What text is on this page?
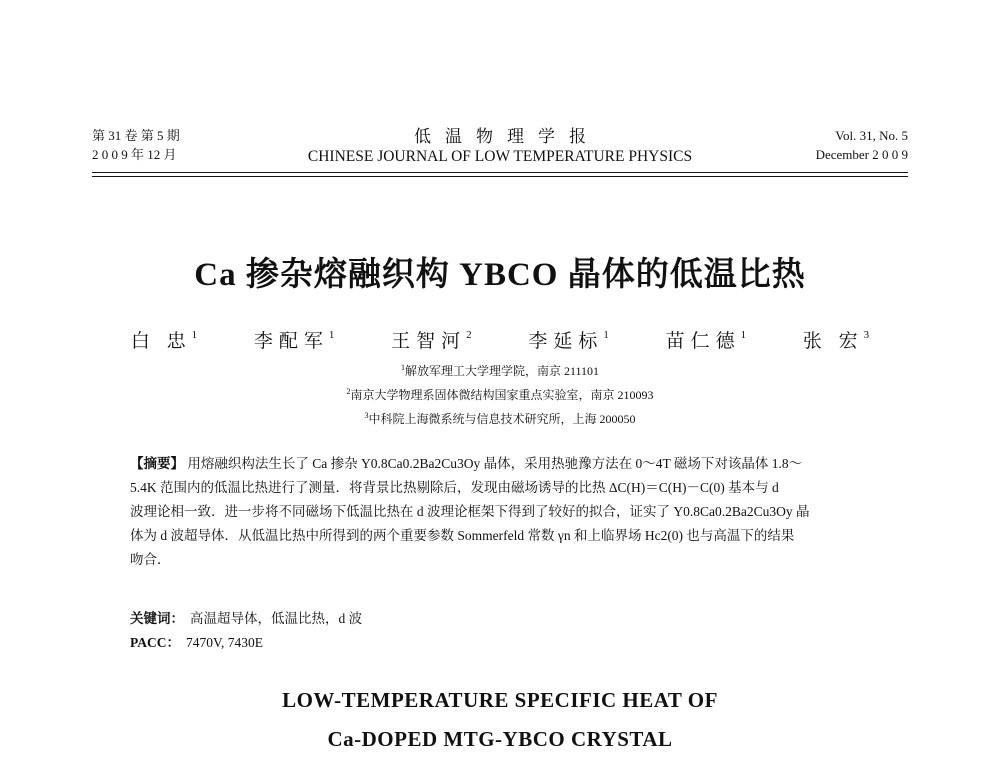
第 31 卷 第 5 期
2 0 0 9 年 12 月
低温物理学报
CHINESE JOURNAL OF LOW TEMPERATURE PHYSICS
Vol. 31, No. 5
December 2 0 0 9
Ca 掺杂熔融织构 YBCO 晶体的低温比热
白 忠$^1$	李配军$^1$	王智河$^2$	李延标$^1$	苗仁德$^1$	张 宏$^3$
$^1$解放军理工大学理学院，南京 211101
$^2$南京大学物理系固体微结构国家重点实验室，南京 210093
$^3$中科院上海微系统与信息技术研究所，上海 200050
【摘要】 用熔融织构法生长了 Ca 掺杂 Y0.8Ca0.2Ba2Cu3Oy 晶体，采用热驰豫方法在 0～4T 磁场下对该晶体 1.8～
5.4K 范围内的低温比热进行了测量．将背景比热剔除后，发现由磁场诱导的比热 ΔC(H)＝C(H)－C(0) 基本与 d
波理论相一致．进一步将不同磁场下低温比热在 d 波理论框架下得到了较好的拟合，证实了 Y0.8Ca0.2Ba2Cu3Oy 晶
体为 d 波超导体．从低温比热中所得到的两个重要参数 Sommerfeld 常数 γn 和上临界场 Hc2(0) 也与高温下的结果
吻合．
关键词： 高温超导体，低温比热，d 波
PACC： 7470V, 7430E
LOW-TEMPERATURE SPECIFIC HEAT OF
Ca-DOPED MTG-YBCO CRYSTAL
